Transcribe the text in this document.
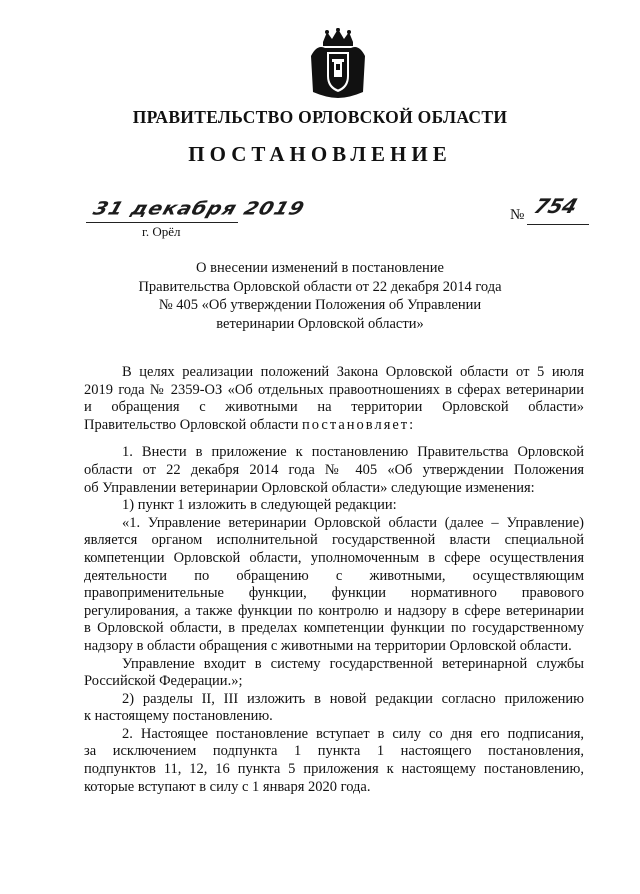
ПРАВИТЕЛЬСТВО ОРЛОВСКОЙ ОБЛАСТИ
ПОСТАНОВЛЕНИЕ
31 декабря 2019
г. Орёл
№ 754
О внесении изменений в постановление
Правительства Орловской области от 22 декабря 2014 года
№ 405 «Об утверждении Положения об Управлении
ветеринарии Орловской области»

В целях реализации положений Закона Орловской области от 5 июля

2019 года № 2359-ОЗ «Об отдельных правоотношениях в сферах ветеринарии

и обращения с животными на территории Орловской области»

Правительство Орловской области постановляет:

1. Внести в приложение к постановлению Правительства Орловской

области от 22 декабря 2014 года № 405 «Об утверждении Положения

об Управлении ветеринарии Орловской области» следующие изменения:

1) пункт 1 изложить в следующей редакции:

«1. Управление ветеринарии Орловской области (далее – Управление)

является органом исполнительной государственной власти специальной

компетенции Орловской области, уполномоченным в сфере осуществления

деятельности по обращению с животными, осуществляющим

правоприменительные функции, функции нормативного правового

регулирования, а также функции по контролю и надзору в сфере ветеринарии

в Орловской области, в пределах компетенции функции по государственному

надзору в области обращения с животными на территории Орловской области.

Управление входит в систему государственной ветеринарной службы

Российской Федерации.»;

2) разделы II, III изложить в новой редакции согласно приложению

к настоящему постановлению.

2. Настоящее постановление вступает в силу со дня его подписания,

за исключением подпункта 1 пункта 1 настоящего постановления,

подпунктов 11, 12, 16 пункта 5 приложения к настоящему постановлению,

которые вступают в силу с 1 января 2020 года.
